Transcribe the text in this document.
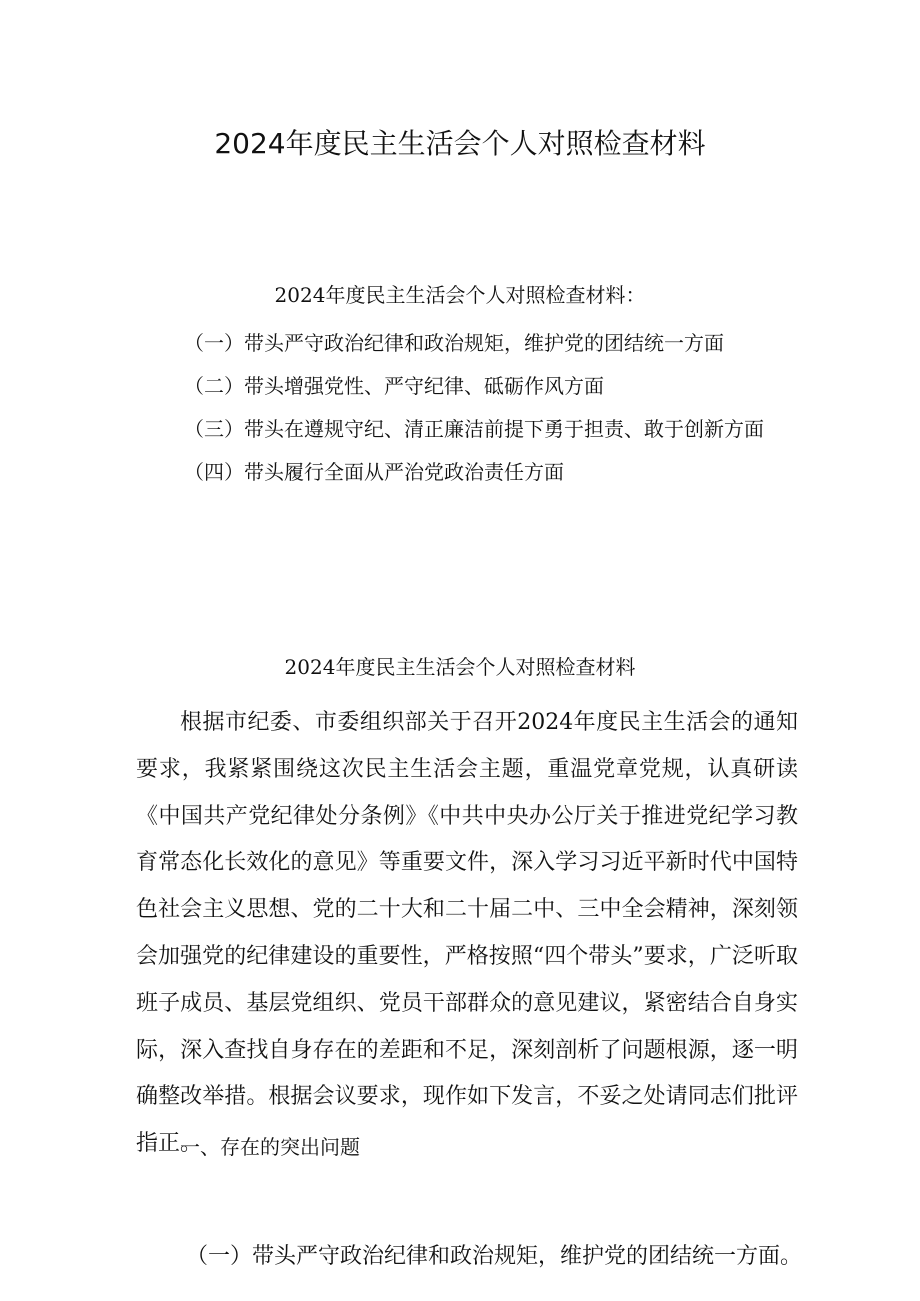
2024年度民主生活会个人对照检查材料
2024年度民主生活会个人对照检查材料：

（一）带头严守政治纪律和政治规矩，维护党的团结统一方面

（二）带头增强党性、严守纪律、砥砺作风方面

（三）带头在遵规守纪、清正廉洁前提下勇于担责、敢于创新方面

（四）带头履行全面从严治党政治责任方面

2024年度民主生活会个人对照检查材料

根据市纪委、市委组织部关于召开2024年度民主生活会的通知要求，我紧紧围绕这次民主生活会主题，重温党章党规，认真研读《中国共产党纪律处分条例》《中共中央办公厅关于推进党纪学习教育常态化长效化的意见》等重要文件，深入学习习近平新时代中国特色社会主义思想、党的二十大和二十届二中、三中全会精神，深刻领会加强党的纪律建设的重要性，严格按照“四个带头”要求，广泛听取班子成员、基层党组织、党员干部群众的意见建议，紧密结合自身实际，深入查找自身存在的差距和不足，深刻剖析了问题根源，逐一明确整改举措。根据会议要求，现作如下发言，不妥之处请同志们批评指正。

一、存在的突出问题

（一）带头严守政治纪律和政治规矩，维护党的团结统一方面。
